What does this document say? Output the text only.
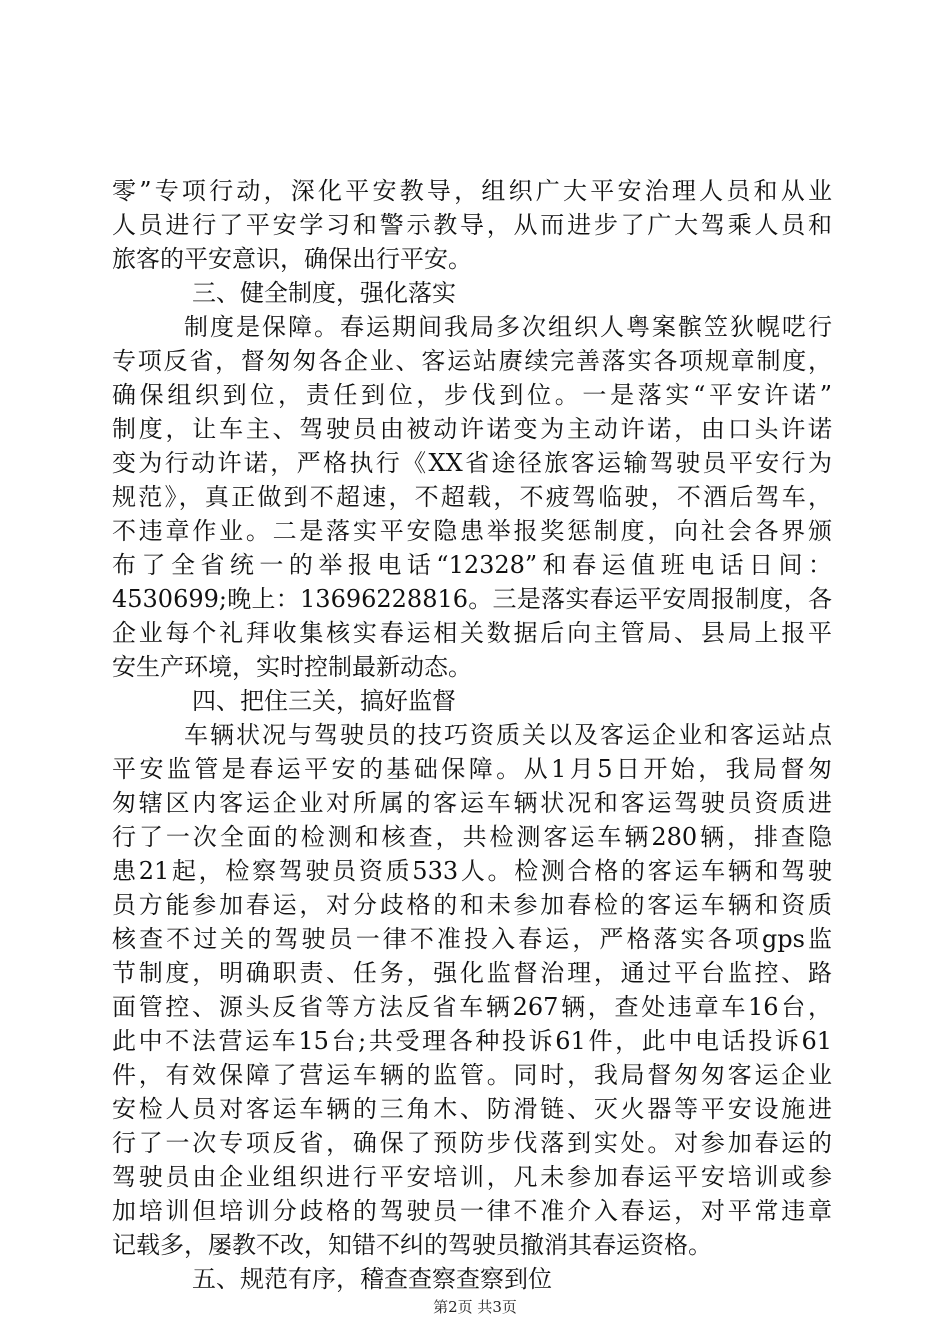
零”专项行动，深化平安教导，组织广大平安治理人员和从业
人员进行了平安学习和警示教导，从而进步了广大驾乘人员和
旅客的平安意识，确保出行平安。
三、健全制度，强化落实
制度是保障。春运期间我局多次组织人粤案髌笠狄幌呓行
专项反省，督匆匆各企业、客运站赓续完善落实各项规章制度，
确保组织到位，责任到位，步伐到位。一是落实“平安许诺”
制度，让车主、驾驶员由被动许诺变为主动许诺，由口头许诺
变为行动许诺，严格执行《XX省途径旅客运输驾驶员平安行为
规范》，真正做到不超速，不超载，不疲驾临驶，不酒后驾车，
不违章作业。二是落实平安隐患举报奖惩制度，向社会各界颁
布了全省统一的举报电话“12328”和春运值班电话日间：
4530699;晚上：13696228816。三是落实春运平安周报制度，各
企业每个礼拜收集核实春运相关数据后向主管局、县局上报平
安生产环境，实时控制最新动态。
四、把住三关，搞好监督
车辆状况与驾驶员的技巧资质关以及客运企业和客运站点
平安监管是春运平安的基础保障。从1月5日开始，我局督匆
匆辖区内客运企业对所属的客运车辆状况和客运驾驶员资质进
行了一次全面的检测和核查，共检测客运车辆280辆，排查隐
患21起，检察驾驶员资质533人。检测合格的客运车辆和驾驶
员方能参加春运，对分歧格的和未参加春检的客运车辆和资质
核查不过关的驾驶员一律不准投入春运，严格落实各项gps监
节制度，明确职责、任务，强化监督治理，通过平台监控、路
面管控、源头反省等方法反省车辆267辆，查处违章车16台，
此中不法营运车15台;共受理各种投诉61件，此中电话投诉61
件，有效保障了营运车辆的监管。同时，我局督匆匆客运企业
安检人员对客运车辆的三角木、防滑链、灭火器等平安设施进
行了一次专项反省，确保了预防步伐落到实处。对参加春运的
驾驶员由企业组织进行平安培训，凡未参加春运平安培训或参
加培训但培训分歧格的驾驶员一律不准介入春运，对平常违章
记载多，屡教不改，知错不纠的驾驶员撤消其春运资格。
五、规范有序，稽查查察查察到位
第2页 共3页
